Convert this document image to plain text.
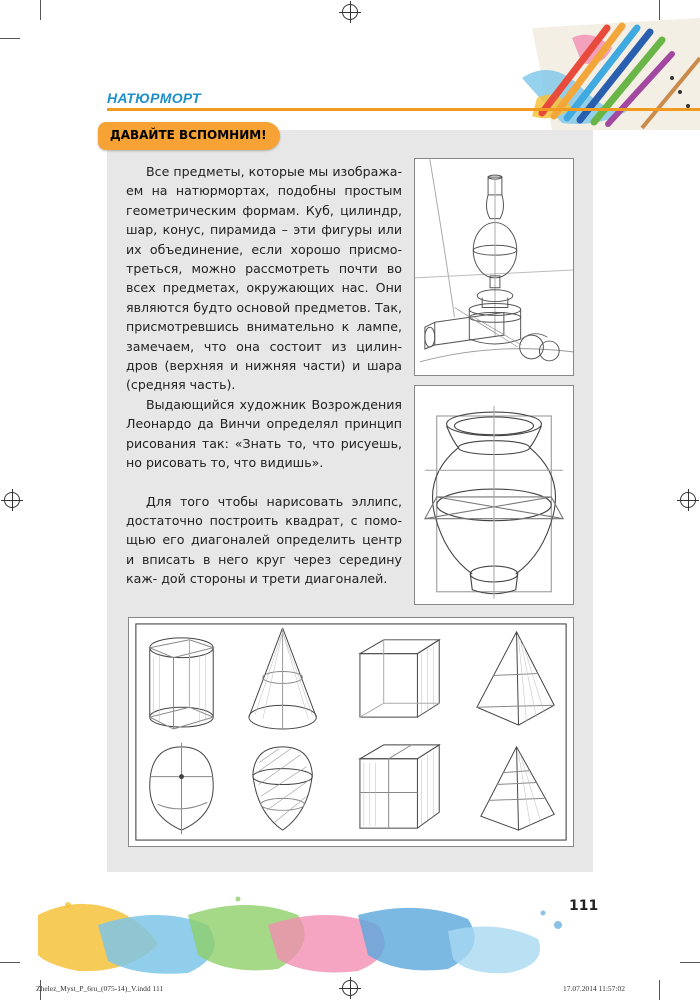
НАТЮРМОРТ
ДАВАЙТЕ ВСПОМНИМ!

Все предметы, которые мы изобража- ем на натюрмортах, подобны простым геометрическим формам. Куб, цилиндр, шар, конус, пирамида – эти фигуры или их объединение, если хорошо присмо- треться, можно рассмотреть почти во всех предметах, окружающих нас. Они являются будто основой предметов. Так, присмотревшись внимательно к лампе, замечаем, что она состоит из цилин- дров (верхняя и нижняя части) и шара (средняя часть).

Выдающийся художник Возрождения Леонардо да Винчи определял принцип рисования так: «Знать то, что рисуешь, но рисовать то, что видишь».

Для того чтобы нарисовать эллипс, достаточно построить квадрат, с помо- щью его диагоналей определить центр и вписать в него круг через середину каж- дой стороны и трети диагоналей.

111
Zhelez_Myst_P_6ru_(075-14)_V.indd 111	17.07.2014 11:57:02
